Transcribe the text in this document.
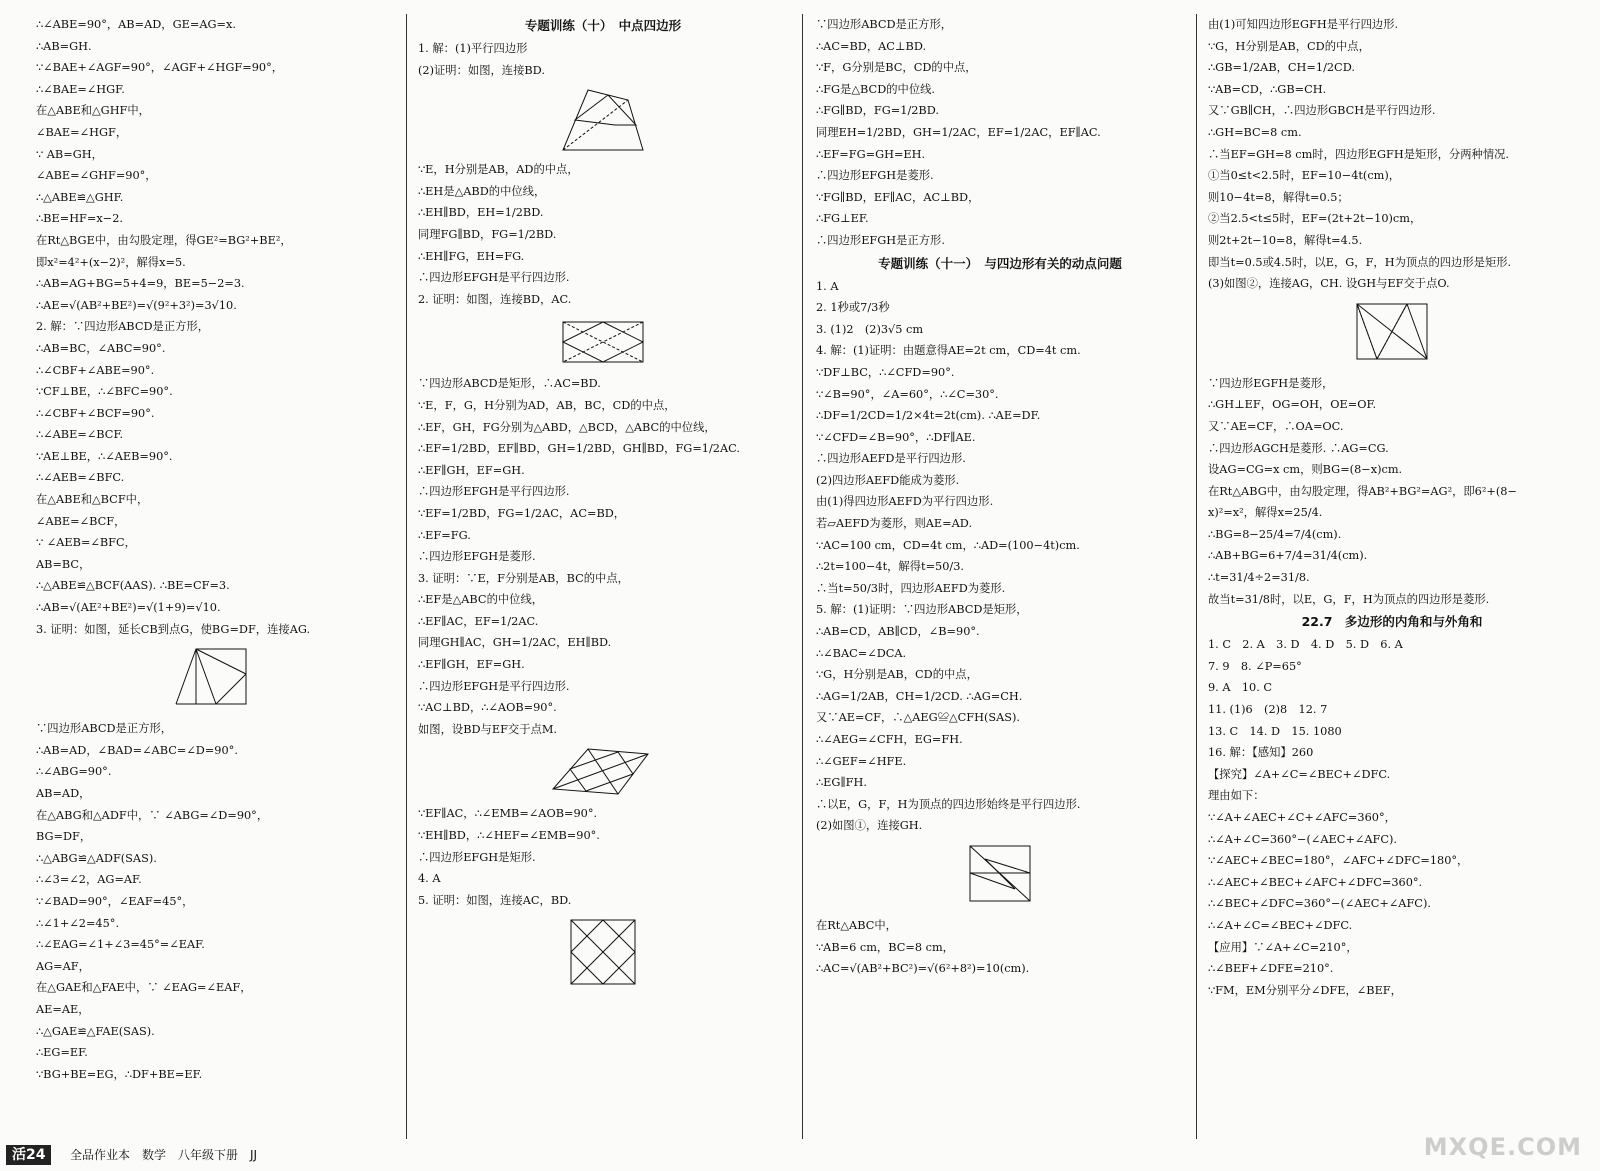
∴∠ABE=90°，AB=AD，GE=AG=x.
∴AB=GH.
∵∠BAE+∠AGF=90°，∠AGF+∠HGF=90°，
∴∠BAE=∠HGF.
在△ABE和△GHF中，
∠BAE=∠HGF，
∵ AB=GH，
∠ABE=∠GHF=90°，
∴△ABE≌△GHF.
∴BE=HF=x−2.
在Rt△BGE中，由勾股定理，得GE²=BG²+BE²，
即x²=4²+(x−2)²，解得x=5.
∴AB=AG+BG=5+4=9，BE=5−2=3.
∴AE=√(AB²+BE²)=√(9²+3²)=3√10.
2. 解：∵四边形ABCD是正方形，
∴AB=BC，∠ABC=90°.
∴∠CBF+∠ABE=90°.
∵CF⊥BE，∴∠BFC=90°.
∴∠CBF+∠BCF=90°.
∴∠ABE=∠BCF.
∵AE⊥BE，∴∠AEB=90°.
∴∠AEB=∠BFC.
在△ABE和△BCF中，
∠ABE=∠BCF，
∵ ∠AEB=∠BFC，
AB=BC，
∴△ABE≌△BCF(AAS). ∴BE=CF=3.
∴AB=√(AE²+BE²)=√(1+9)=√10.
3. 证明：如图，延长CB到点G，使BG=DF，连接AG.
∵四边形ABCD是正方形，
∴AB=AD，∠BAD=∠ABC=∠D=90°.
∴∠ABG=90°.
AB=AD，
在△ABG和△ADF中，∵ ∠ABG=∠D=90°，
BG=DF，
∴△ABG≌△ADF(SAS).
∴∠3=∠2，AG=AF.
∵∠BAD=90°，∠EAF=45°，
∴∠1+∠2=45°.
∴∠EAG=∠1+∠3=45°=∠EAF.
AG=AF，
在△GAE和△FAE中，∵ ∠EAG=∠EAF，
AE=AE，
∴△GAE≌△FAE(SAS).
∴EG=EF.
∵BG+BE=EG，∴DF+BE=EF.
专题训练（十）　中点四边形
1. 解：(1)平行四边形
(2)证明：如图，连接BD.
∵E，H分别是AB，AD的中点，
∴EH是△ABD的中位线，
∴EH∥BD，EH=1/2BD.
同理FG∥BD，FG=1/2BD.
∴EH∥FG，EH=FG.
∴四边形EFGH是平行四边形.
2. 证明：如图，连接BD，AC.
∵四边形ABCD是矩形，∴AC=BD.
∵E，F，G，H分别为AD，AB，BC，CD的中点，
∴EF，GH，FG分别为△ABD，△BCD，△ABC的中位线，
∴EF=1/2BD，EF∥BD，GH=1/2BD，GH∥BD，FG=1/2AC.
∴EF∥GH，EF=GH.
∴四边形EFGH是平行四边形.
∵EF=1/2BD，FG=1/2AC，AC=BD，
∴EF=FG.
∴四边形EFGH是菱形.
3. 证明：∵E，F分别是AB，BC的中点，
∴EF是△ABC的中位线，
∴EF∥AC，EF=1/2AC.
同理GH∥AC，GH=1/2AC，EH∥BD.
∴EF∥GH，EF=GH.
∴四边形EFGH是平行四边形.
∵AC⊥BD，∴∠AOB=90°.
如图，设BD与EF交于点M.
∵EF∥AC，∴∠EMB=∠AOB=90°.
∵EH∥BD，∴∠HEF=∠EMB=90°.
∴四边形EFGH是矩形.
4. A
5. 证明：如图，连接AC，BD.
∵四边形ABCD是正方形，
∴AC=BD，AC⊥BD.
∵F，G分别是BC，CD的中点，
∴FG是△BCD的中位线.
∴FG∥BD，FG=1/2BD.
同理EH=1/2BD，GH=1/2AC，EF=1/2AC，EF∥AC.
∴EF=FG=GH=EH.
∴四边形EFGH是菱形.
∵FG∥BD，EF∥AC，AC⊥BD，
∴FG⊥EF.
∴四边形EFGH是正方形.
专题训练（十一）　与四边形有关的动点问题
1. A
2. 1秒或7/3秒
3. (1)2　(2)3√5 cm
4. 解：(1)证明：由题意得AE=2t cm，CD=4t cm.
∵DF⊥BC，∴∠CFD=90°.
∵∠B=90°，∠A=60°，∴∠C=30°.
∴DF=1/2CD=1/2×4t=2t(cm). ∴AE=DF.
∵∠CFD=∠B=90°，∴DF∥AE.
∴四边形AEFD是平行四边形.
(2)四边形AEFD能成为菱形.
由(1)得四边形AEFD为平行四边形.
若▱AEFD为菱形，则AE=AD.
∵AC=100 cm，CD=4t cm，∴AD=(100−4t)cm.
∴2t=100−4t，解得t=50/3.
∴当t=50/3时，四边形AEFD为菱形.
5. 解：(1)证明：∵四边形ABCD是矩形，
∴AB=CD，AB∥CD，∠B=90°.
∴∠BAC=∠DCA.
∵G，H分别是AB，CD的中点，
∴AG=1/2AB，CH=1/2CD. ∴AG=CH.
又∵AE=CF，∴△AEG≌△CFH(SAS).
∴∠AEG=∠CFH，EG=FH.
∴∠GEF=∠HFE.
∴EG∥FH.
∴以E，G，F，H为顶点的四边形始终是平行四边形.
(2)如图①，连接GH.
在Rt△ABC中，
∵AB=6 cm，BC=8 cm，
∴AC=√(AB²+BC²)=√(6²+8²)=10(cm).
由(1)可知四边形EGFH是平行四边形.
∵G，H分别是AB，CD的中点，
∴GB=1/2AB，CH=1/2CD.
∵AB=CD，∴GB=CH.
又∵GB∥CH，∴四边形GBCH是平行四边形.
∴GH=BC=8 cm.
∴当EF=GH=8 cm时，四边形EGFH是矩形，分两种情况.
①当0≤t<2.5时，EF=10−4t(cm)，
则10−4t=8，解得t=0.5；
②当2.5<t≤5时，EF=(2t+2t−10)cm，
则2t+2t−10=8，解得t=4.5.
即当t=0.5或4.5时，以E，G，F，H为顶点的四边形是矩形.
(3)如图②，连接AG，CH. 设GH与EF交于点O.
∵四边形EGFH是菱形，
∴GH⊥EF，OG=OH，OE=OF.
又∵AE=CF，∴OA=OC.
∴四边形AGCH是菱形. ∴AG=CG.
设AG=CG=x cm，则BG=(8−x)cm.
在Rt△ABG中，由勾股定理，得AB²+BG²=AG²，即6²+(8−
x)²=x²，解得x=25/4.
∴BG=8−25/4=7/4(cm).
∴AB+BG=6+7/4=31/4(cm).
∴t=31/4÷2=31/8.
故当t=31/8时，以E，G，F，H为顶点的四边形是菱形.
22.7　多边形的内角和与外角和
1. C　2. A　3. D　4. D　5. D　6. A
7. 9　8. ∠P=65°
9. A　10. C
11. (1)6　(2)8　12. 7
13. C　14. D　15. 1080
16. 解：【感知】260
【探究】∠A+∠C=∠BEC+∠DFC.
理由如下：
∵∠A+∠AEC+∠C+∠AFC=360°，
∴∠A+∠C=360°−(∠AEC+∠AFC).
∵∠AEC+∠BEC=180°，∠AFC+∠DFC=180°，
∴∠AEC+∠BEC+∠AFC+∠DFC=360°.
∴∠BEC+∠DFC=360°−(∠AEC+∠AFC).
∴∠A+∠C=∠BEC+∠DFC.
【应用】∵∠A+∠C=210°，
∴∠BEF+∠DFE=210°.
∵FM，EM分别平分∠DFE，∠BEF，
活24	全品作业本　数学　八年级下册　JJ	MXQE.COM
